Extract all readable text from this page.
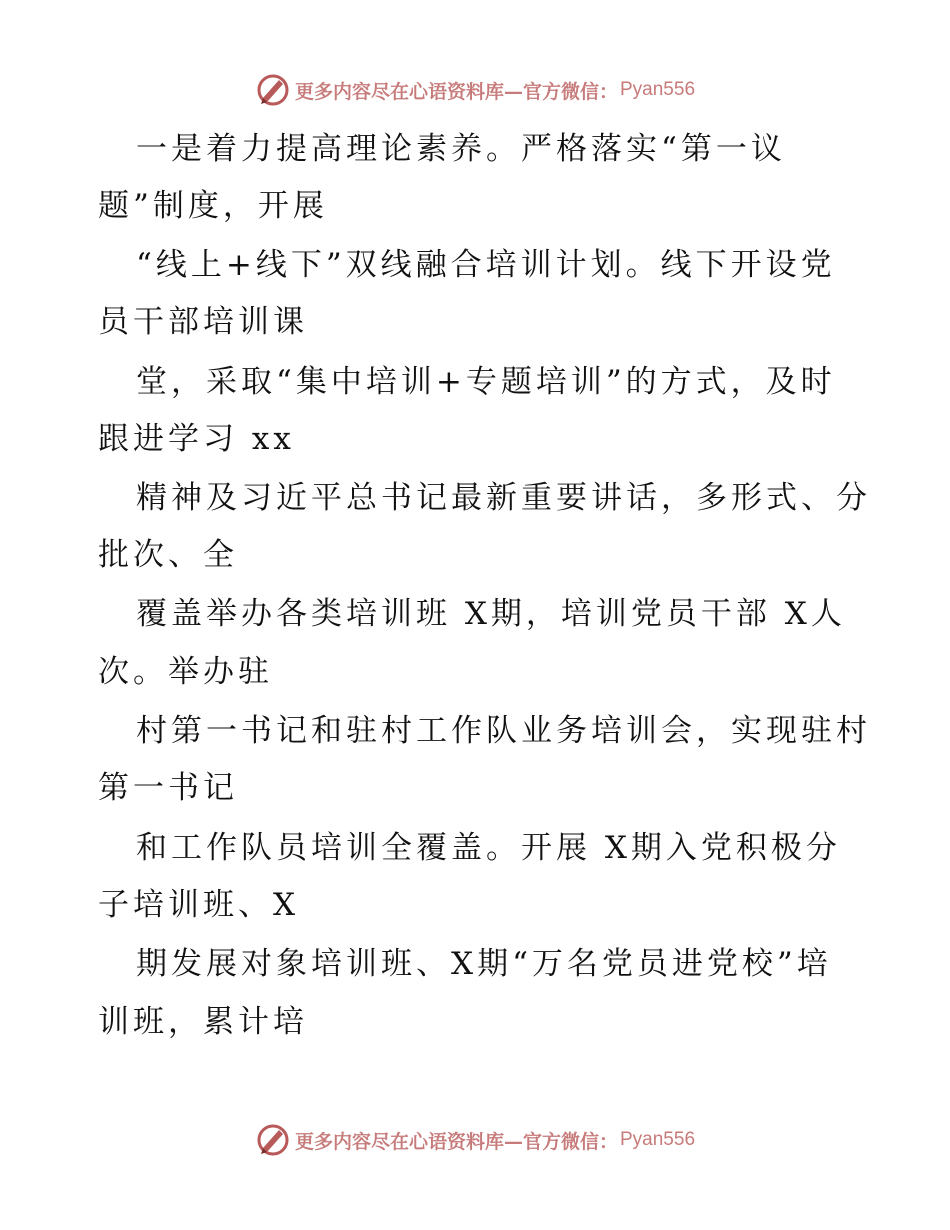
更多内容尽在心语资料库—官方微信： Pyan556
一是着力提高理论素养。严格落实“第一议
题”制度，开展
“线上+线下”双线融合培训计划。线下开设党
员干部培训课
堂，采取“集中培训+专题培训”的方式，及时
跟进学习 xx
精神及习近平总书记最新重要讲话，多形式、分
批次、全
覆盖举办各类培训班 X期，培训党员干部 X人
次。举办驻
村第一书记和驻村工作队业务培训会，实现驻村
第一书记
和工作队员培训全覆盖。开展 X期入党积极分
子培训班、X
期发展对象培训班、X期“万名党员进党校”培
训班，累计培
更多内容尽在心语资料库—官方微信： Pyan556
